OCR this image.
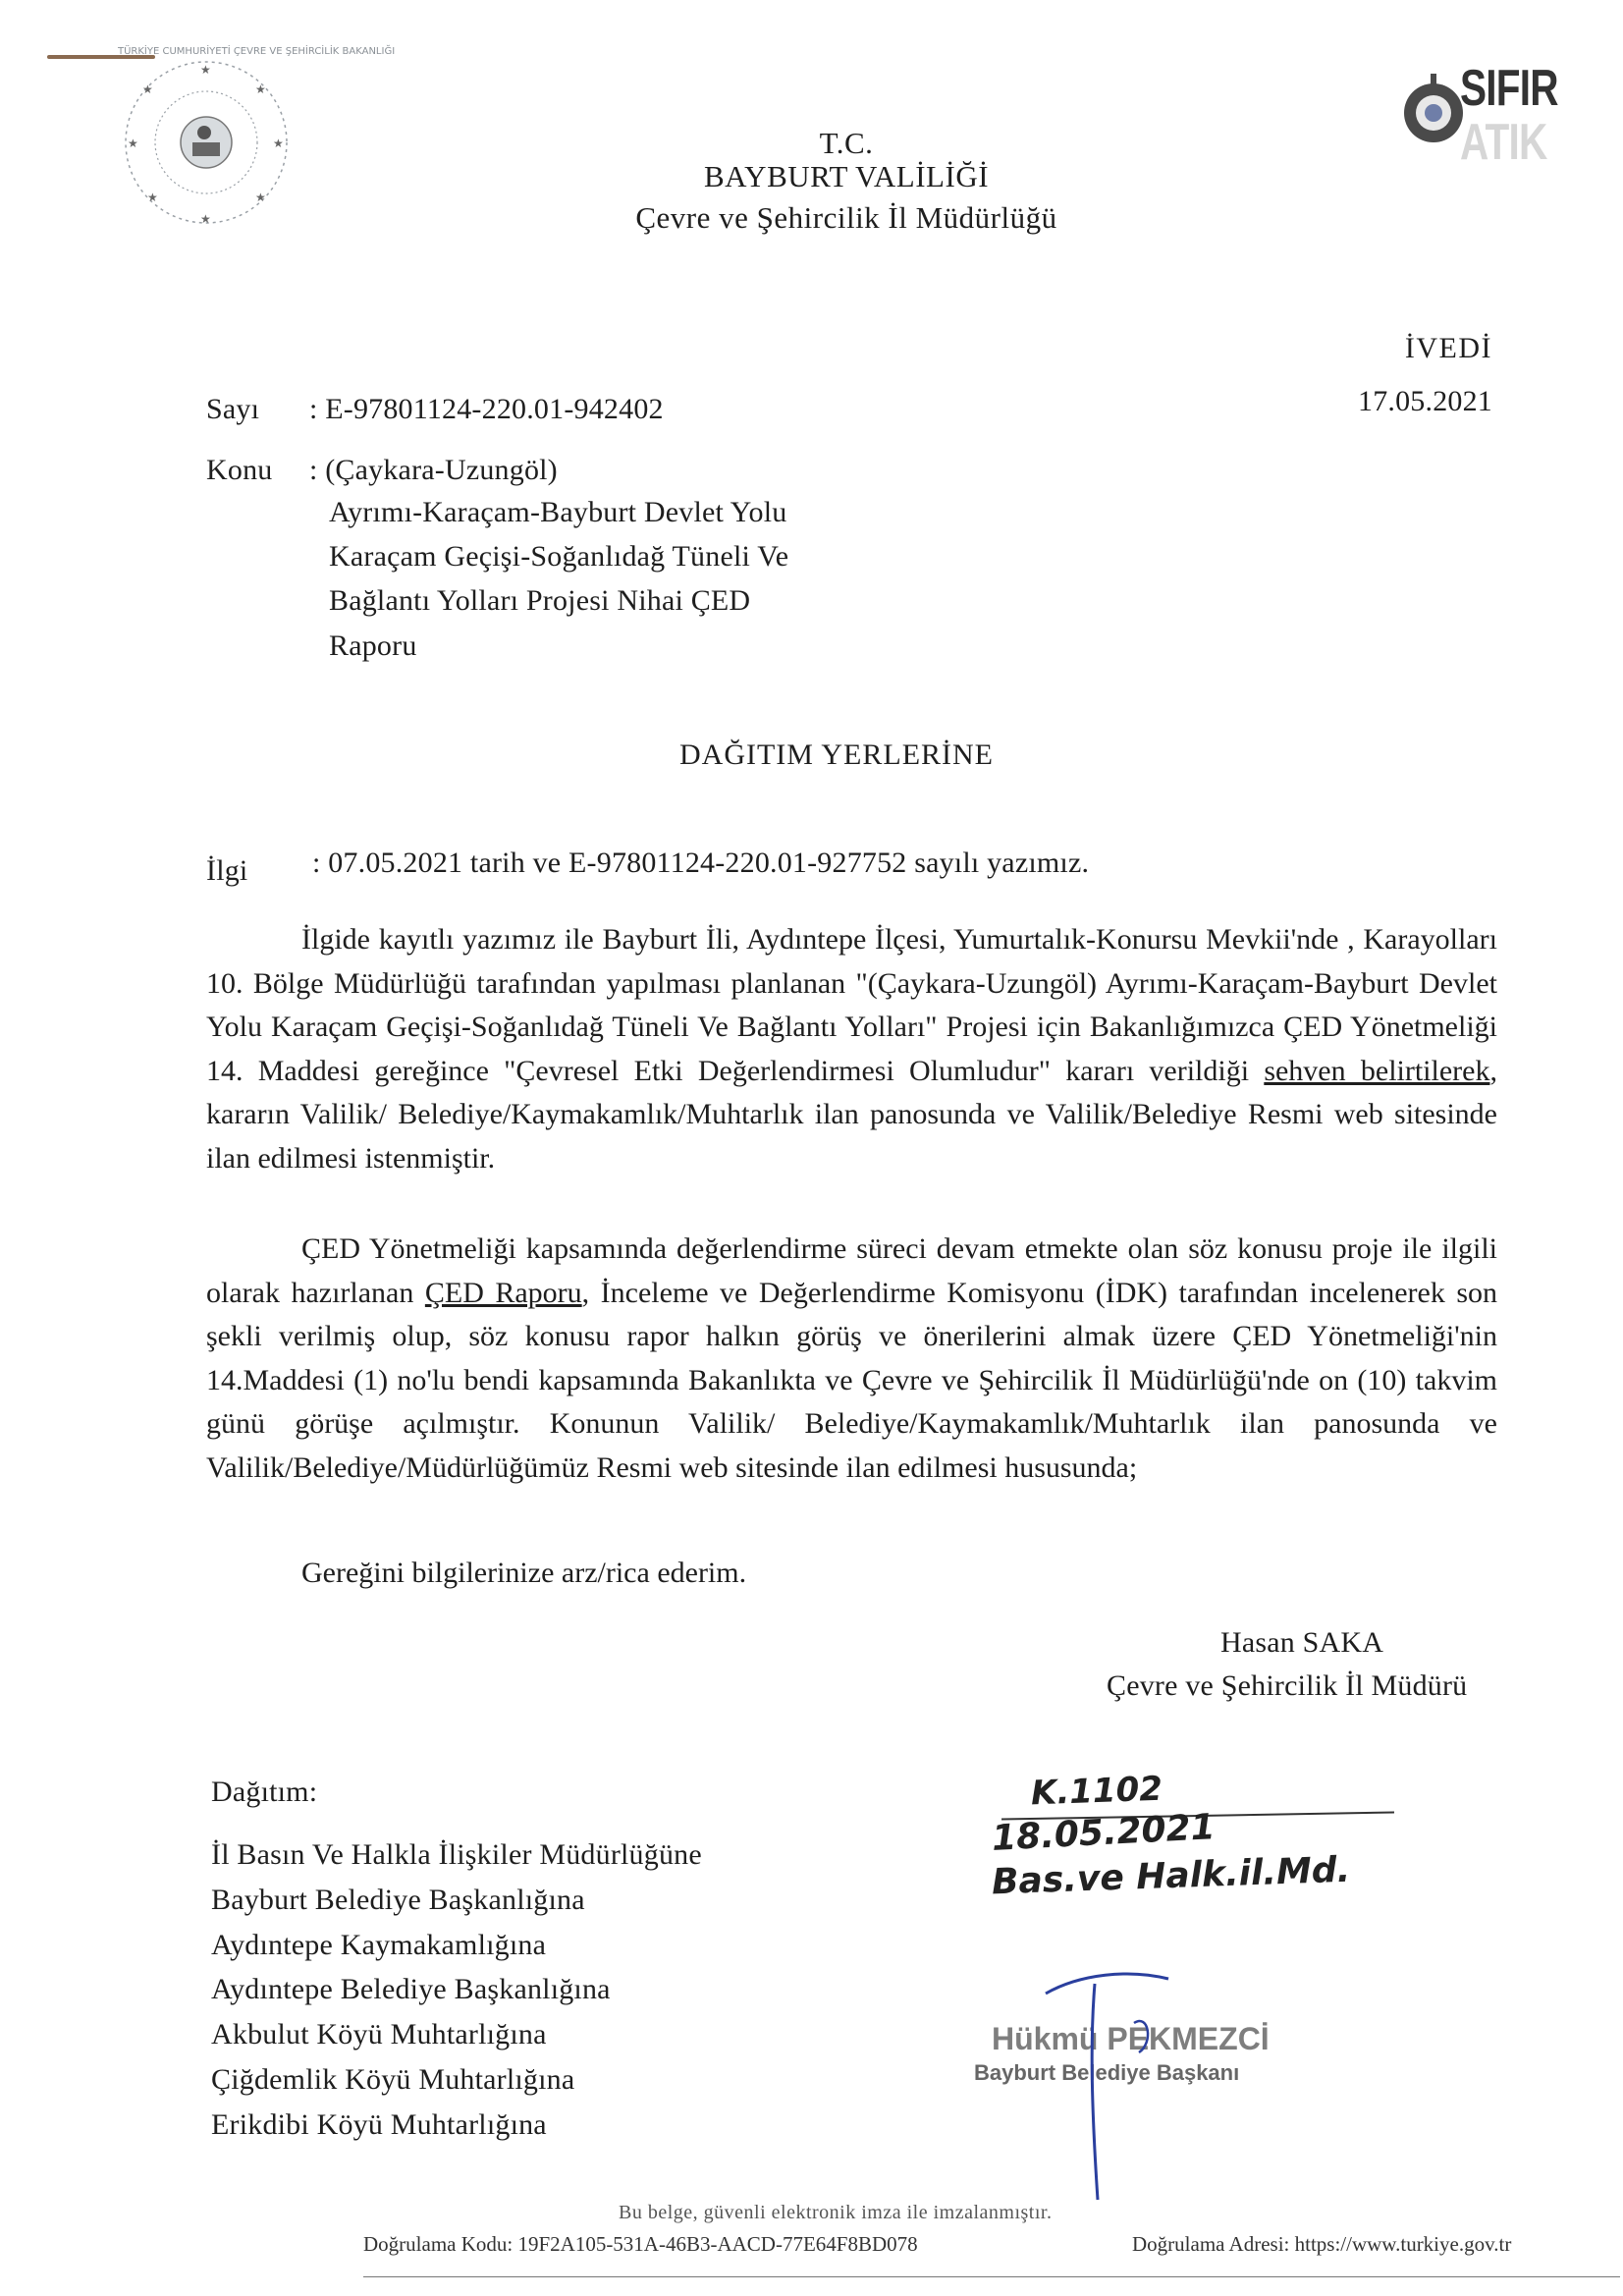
TÜRKİYE CUMHURİYETİ ÇEVRE VE ŞEHİRCİLİK BAKANLIĞI
★	★
★	★
★	★
★
★
SIFIR
ATIK
T.C.
BAYBURT VALİLİĞİ
Çevre ve Şehircilik İl Müdürlüğü
İVEDİ
17.05.2021
Sayı : E-97801124-220.01-942402
Konu : (Çaykara-Uzungöl)
Ayrımı-Karaçam-Bayburt Devlet Yolu
Karaçam Geçişi-Soğanlıdağ Tüneli Ve
Bağlantı Yolları Projesi Nihai ÇED
Raporu
DAĞITIM YERLERİNE
İlgi : 07.05.2021 tarih ve E-97801124-220.01-927752 sayılı yazımız.
İlgide kayıtlı yazımız ile Bayburt İli, Aydıntepe İlçesi, Yumurtalık-Konursu Mevkii'nde , Karayolları 10. Bölge Müdürlüğü tarafından yapılması planlanan "(Çaykara-Uzungöl) Ayrımı-Karaçam-Bayburt Devlet Yolu Karaçam Geçişi-Soğanlıdağ Tüneli Ve Bağlantı Yolları" Projesi için Bakanlığımızca ÇED Yönetmeliği 14. Maddesi gereğince "Çevresel Etki Değerlendirmesi Olumludur" kararı verildiği sehven belirtilerek, kararın Valilik/ Belediye/Kaymakamlık/Muhtarlık ilan panosunda ve Valilik/Belediye Resmi web sitesinde ilan edilmesi istenmiştir.
ÇED Yönetmeliği kapsamında değerlendirme süreci devam etmekte olan söz konusu proje ile ilgili olarak hazırlanan ÇED Raporu, İnceleme ve Değerlendirme Komisyonu (İDK) tarafından incelenerek son şekli verilmiş olup, söz konusu rapor halkın görüş ve önerilerini almak üzere ÇED Yönetmeliği'nin 14.Maddesi (1) no'lu bendi kapsamında Bakanlıkta ve Çevre ve Şehircilik İl Müdürlüğü'nde on (10) takvim günü görüşe açılmıştır. Konunun Valilik/ Belediye/Kaymakamlık/Muhtarlık ilan panosunda ve Valilik/Belediye/Müdürlüğümüz Resmi web sitesinde ilan edilmesi hususunda;
Gereğini bilgilerinize arz/rica ederim.
Hasan SAKA
Çevre ve Şehircilik İl Müdürü
Dağıtım:
İl Basın Ve Halkla İlişkiler Müdürlüğüne
Bayburt Belediye Başkanlığına
Aydıntepe Kaymakamlığına
Aydıntepe Belediye Başkanlığına
Akbulut Köyü Muhtarlığına
Çiğdemlik Köyü Muhtarlığına
Erikdibi Köyü Muhtarlığına
K.1102
18.05.2021
Bas.ve Halk.il.Md.
Hükmü PEKMEZCİ
Bayburt Belediye Başkanı
Bu belge, güvenli elektronik imza ile imzalanmıştır.
Doğrulama Kodu: 19F2A105-531A-46B3-AACD-77E64F8BD078	Doğrulama Adresi: https://www.turkiye.gov.tr
